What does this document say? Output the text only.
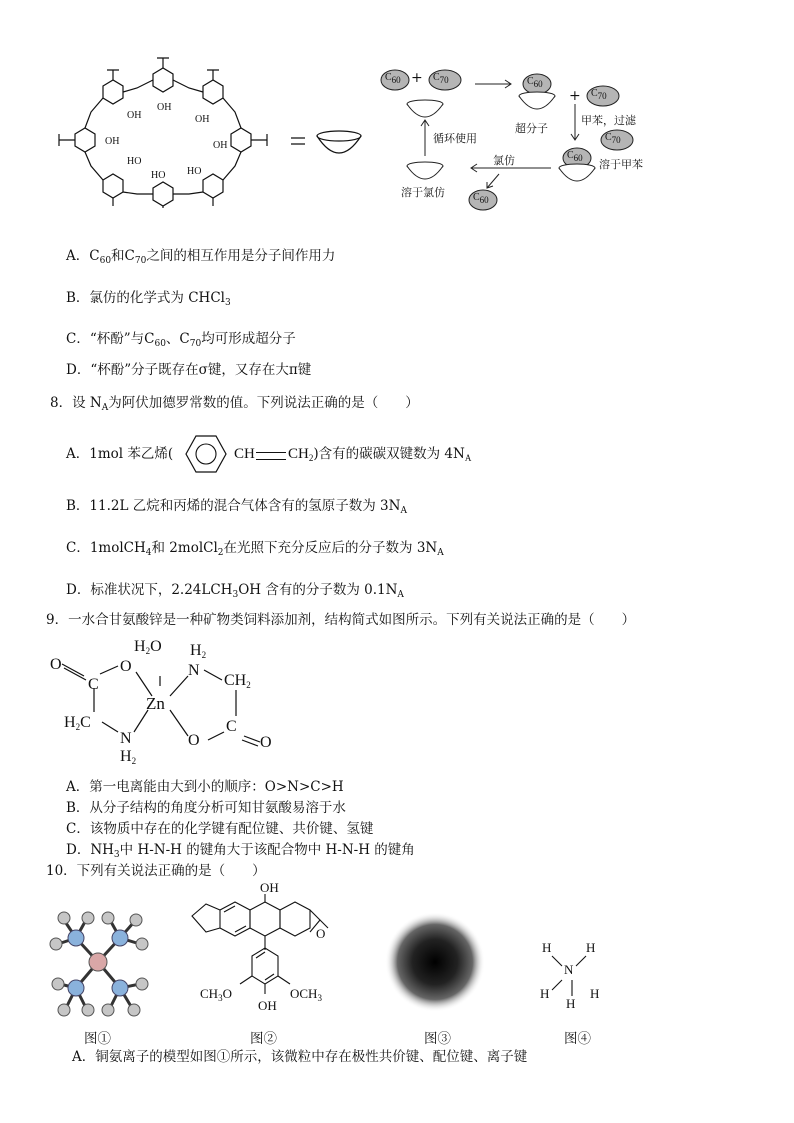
OH
OH
OH
OH	OH
HO
HO HO
$C_{60} + C_{70}$	$C_{60}$
+ $C_{70}$
超分子
甲苯，过滤
$C_{70}$
$C_{60}$ 溶于甲苯
氯仿
循环使用
溶于氯仿	$C_{60}$
A．$C_{60}$和$C_{70}$之间的相互作用是分子间作用力
B．氯仿的化学式为 CHCl$_3$
C．“杯酚”与$C_{60}$、$C_{70}$均可形成超分子
D．“杯酚”分子既存在σ键，又存在大π键
8．设 $N_A$为阿伏加德罗常数的值。下列说法正确的是（　　）
A．1mol 苯乙烯(	CH $CH_2$)含有的碳碳双键数为 $4N_A$
B．11.2L 乙烷和丙烯的混合气体含有的氢原子数为 $3N_A$
C．1molCH$_4$和 2molCl$_2$在光照下充分反应后的分子数为 $3N_A$
D．标准状况下，$2.24LCH_3OH$ 含有的分子数为 $0.1N_A$
9．一水合甘氨酸锌是一种矿物类饲料添加剂，结构简式如图所示。下列有关说法正确的是（　　）
O
C
O
$H_2O$ $H_2$
N
$CH_2$
Zn
$H_2C$
N
$H_2$
O
C
O
A．第一电离能由大到小的顺序：O>N>C>H
B．从分子结构的角度分析可知甘氨酸易溶于水
C．该物质中存在的化学键有配位键、共价键、氢键
D．$NH_3$中 H-N-H 的键角大于该配合物中 H-N-H 的键角
10．下列有关说法正确的是（　　）
OH
O
$CH_3O$	$OCH_3$
OH
H	H
N
H	H
H
图①	图②	图③	图④
A．铜氨离子的模型如图①所示，该微粒中存在极性共价键、配位键、离子键
